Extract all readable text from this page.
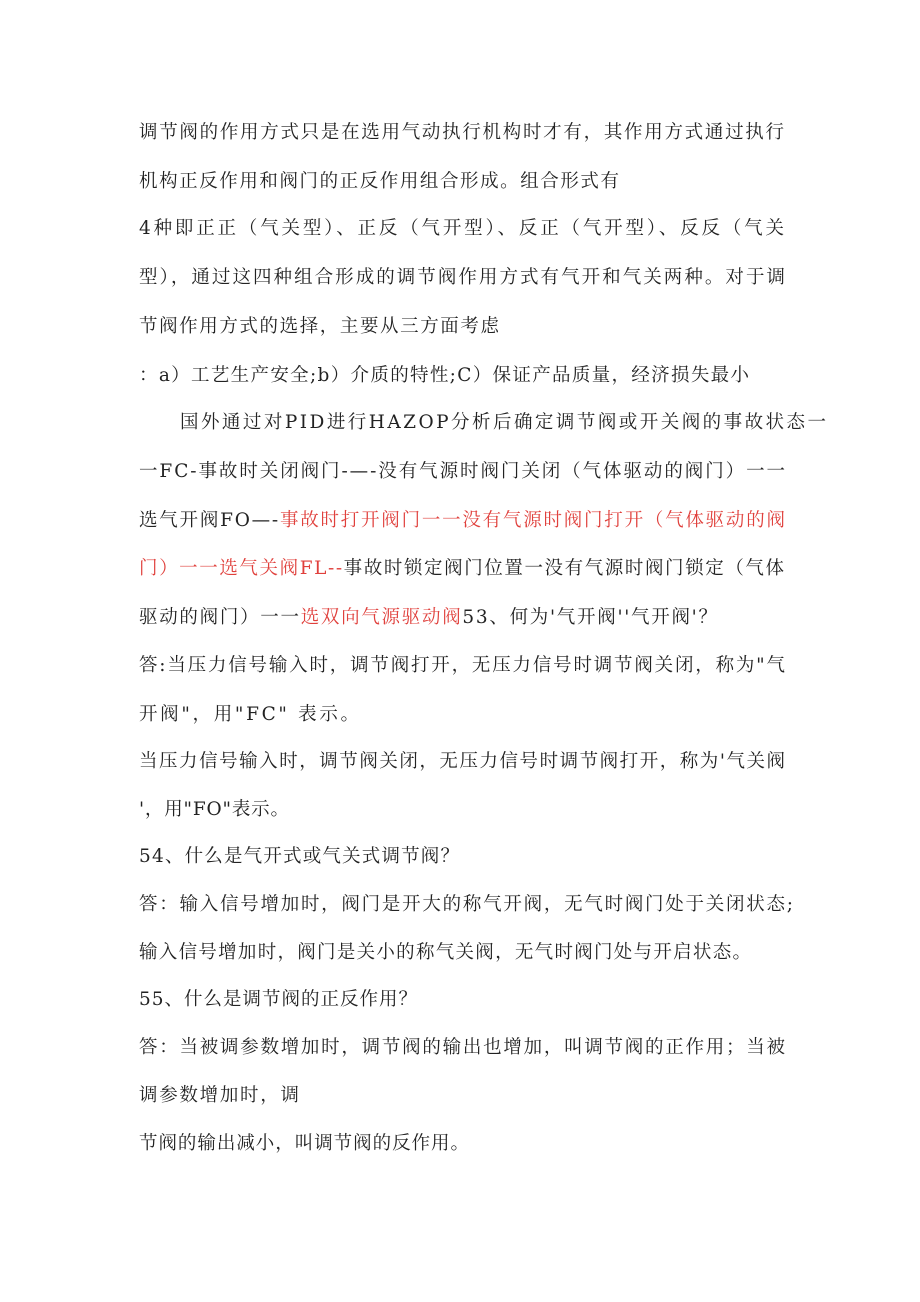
调节阀的作用方式只是在选用气动执行机构时才有，其作用方式通过执行
机构正反作用和阀门的正反作用组合形成。组合形式有
4种即正正（气关型）、正反（气开型）、反正（气开型）、反反（气关
型），通过这四种组合形成的调节阀作用方式有气开和气关两种。对于调
节阀作用方式的选择，主要从三方面考虑
：a）工艺生产安全;b）介质的特性;C）保证产品质量，经济损失最小
国外通过对PID进行HAZOP分析后确定调节阀或开关阀的事故状态一
一FC-事故时关闭阀门-—-没有气源时阀门关闭（气体驱动的阀门）一一
选气开阀FO—-事故时打开阀门一一没有气源时阀门打开（气体驱动的阀
门）一一选气关阀FL--事故时锁定阀门位置一没有气源时阀门锁定（气体
驱动的阀门）一一选双向气源驱动阀53、何为'气开阀''气开阀'？
答:当压力信号输入时，调节阀打开，无压力信号时调节阀关闭，称为"气
开阀"，用"FC" 表示。
当压力信号输入时，调节阀关闭，无压力信号时调节阀打开，称为'气关阀
'，用"FO"表示。
54、什么是气开式或气关式调节阀？
答：输入信号增加时，阀门是开大的称气开阀，无气时阀门处于关闭状态;
输入信号增加时，阀门是关小的称气关阀，无气时阀门处与开启状态。
55、什么是调节阀的正反作用？
答：当被调参数增加时，调节阀的输出也增加，叫调节阀的正作用；当被
调参数增加时，调
节阀的输出减小，叫调节阀的反作用。
